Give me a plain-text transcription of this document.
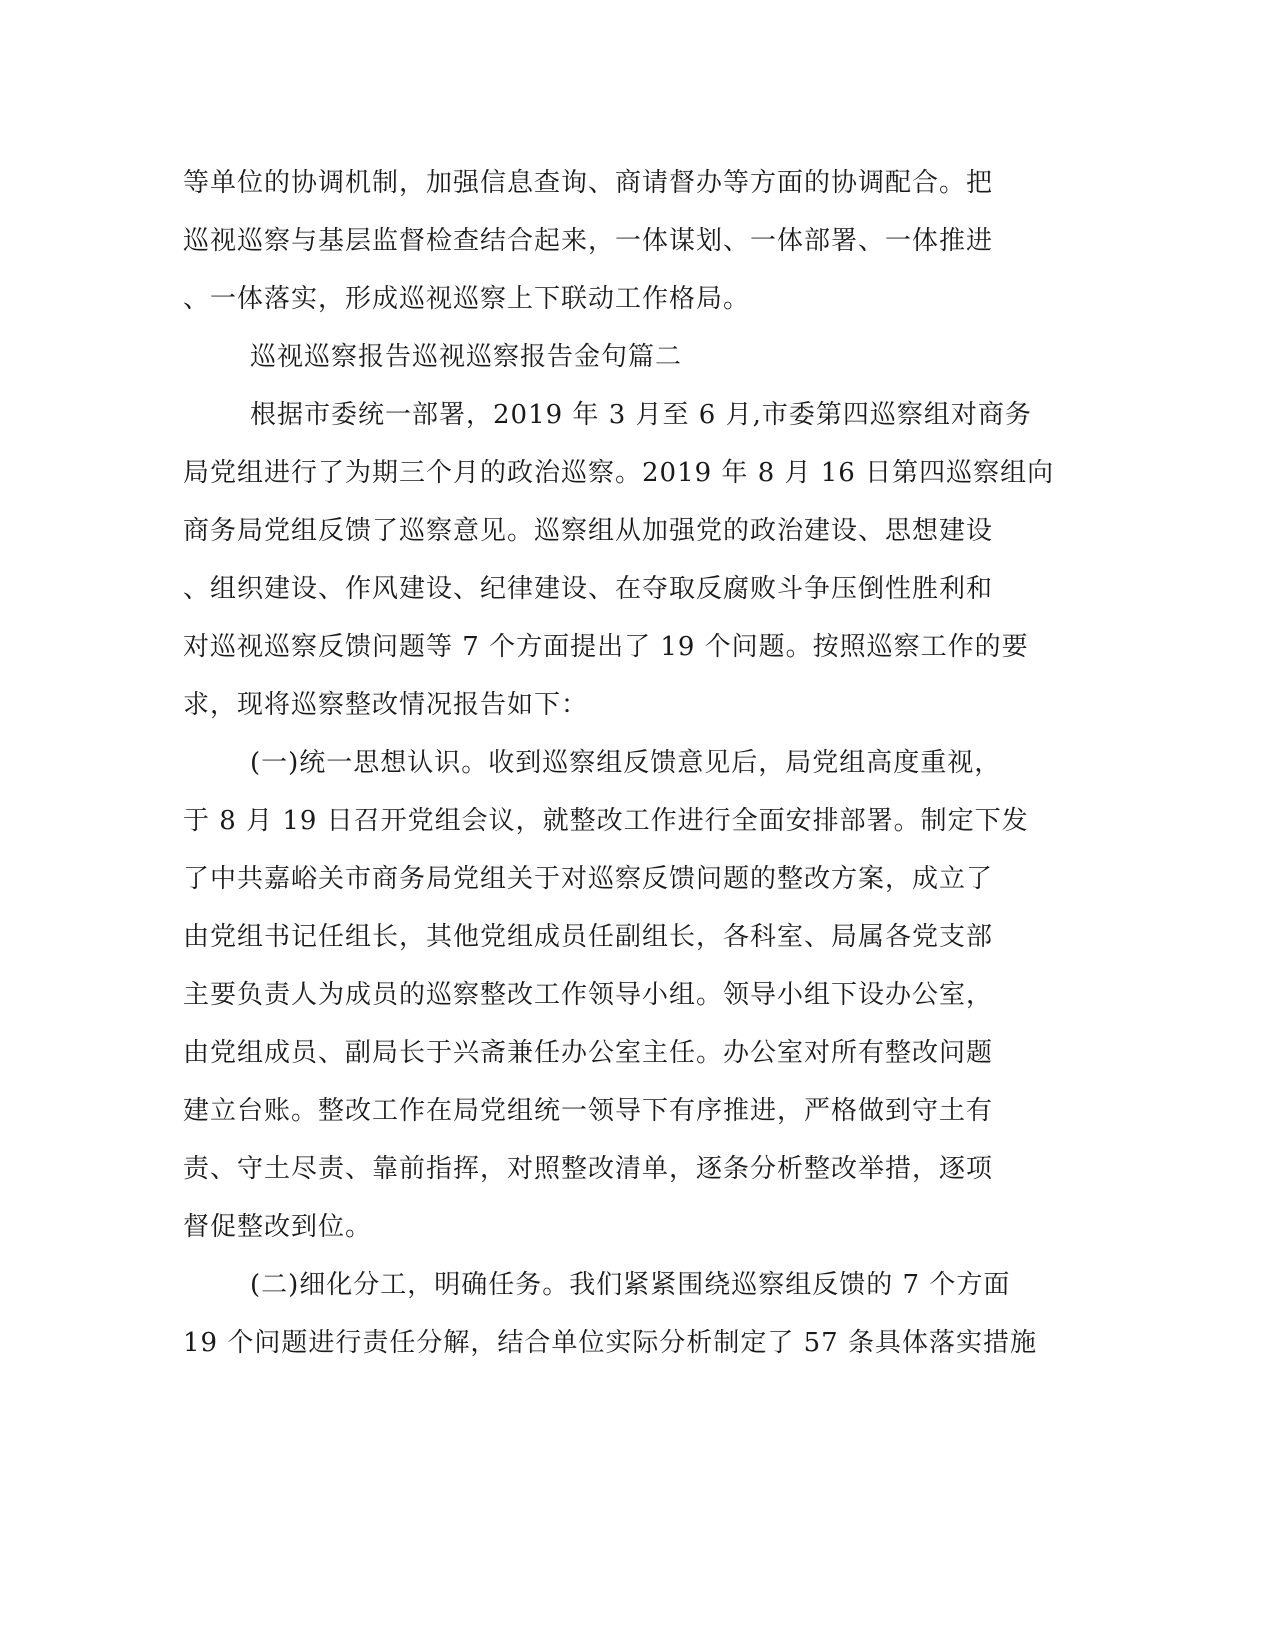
等单位的协调机制，加强信息查询、商请督办等方面的协调配合。把
巡视巡察与基层监督检查结合起来，一体谋划、一体部署、一体推进
、一体落实，形成巡视巡察上下联动工作格局。
巡视巡察报告巡视巡察报告金句篇二
根据市委统一部署，2019 年 3 月至 6 月,市委第四巡察组对商务
局党组进行了为期三个月的政治巡察。2019 年 8 月 16 日第四巡察组向
商务局党组反馈了巡察意见。巡察组从加强党的政治建设、思想建设
、组织建设、作风建设、纪律建设、在夺取反腐败斗争压倒性胜利和
对巡视巡察反馈问题等 7 个方面提出了 19 个问题。按照巡察工作的要
求，现将巡察整改情况报告如下：
(一)统一思想认识。收到巡察组反馈意见后，局党组高度重视，
于 8 月 19 日召开党组会议，就整改工作进行全面安排部署。制定下发
了中共嘉峪关市商务局党组关于对巡察反馈问题的整改方案，成立了
由党组书记任组长，其他党组成员任副组长，各科室、局属各党支部
主要负责人为成员的巡察整改工作领导小组。领导小组下设办公室，
由党组成员、副局长于兴斋兼任办公室主任。办公室对所有整改问题
建立台账。整改工作在局党组统一领导下有序推进，严格做到守土有
责、守土尽责、靠前指挥，对照整改清单，逐条分析整改举措，逐项
督促整改到位。
(二)细化分工，明确任务。我们紧紧围绕巡察组反馈的 7 个方面
19 个问题进行责任分解，结合单位实际分析制定了 57 条具体落实措施
